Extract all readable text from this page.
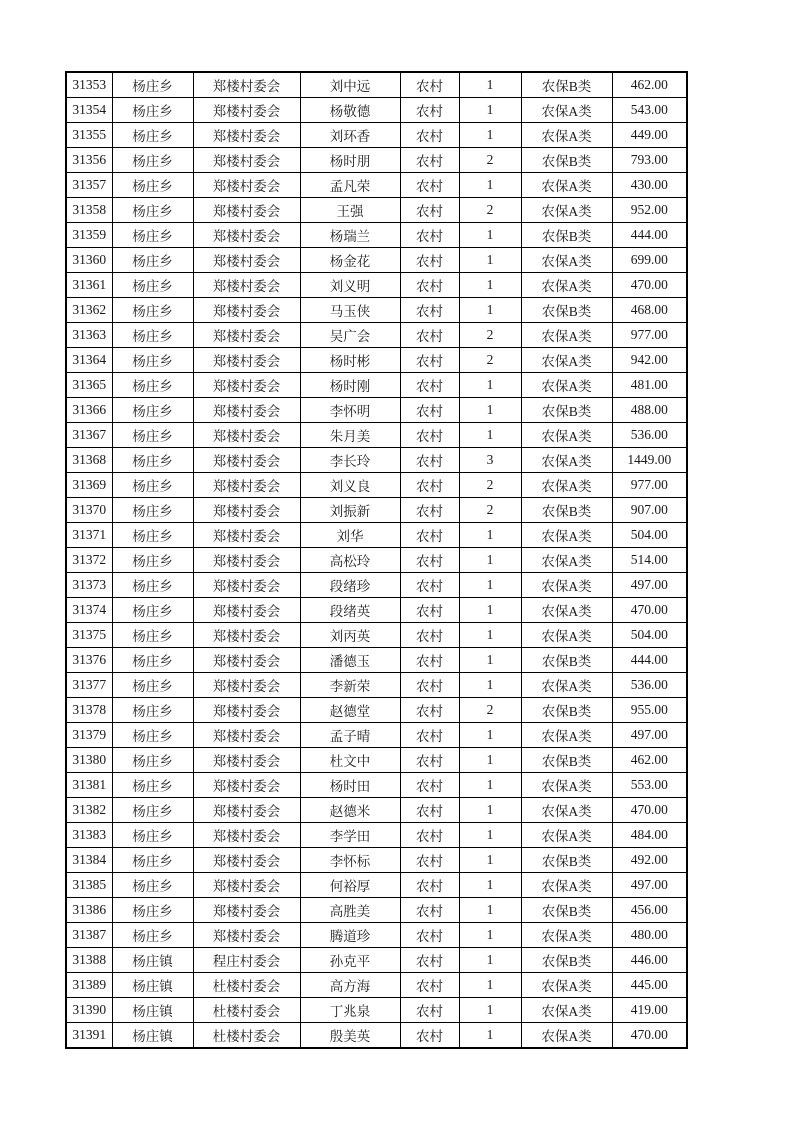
31353	杨庄乡	郑楼村委会	刘中远	农村	1	农保B类	462.00
31354	杨庄乡	郑楼村委会	杨敬德	农村	1	农保A类	543.00
31355	杨庄乡	郑楼村委会	刘环香	农村	1	农保A类	449.00
31356	杨庄乡	郑楼村委会	杨时朋	农村	2	农保B类	793.00
31357	杨庄乡	郑楼村委会	孟凡荣	农村	1	农保A类	430.00
31358	杨庄乡	郑楼村委会	王强	农村	2	农保A类	952.00
31359	杨庄乡	郑楼村委会	杨瑞兰	农村	1	农保B类	444.00
31360	杨庄乡	郑楼村委会	杨金花	农村	1	农保A类	699.00
31361	杨庄乡	郑楼村委会	刘义明	农村	1	农保A类	470.00
31362	杨庄乡	郑楼村委会	马玉侠	农村	1	农保B类	468.00
31363	杨庄乡	郑楼村委会	吴广会	农村	2	农保A类	977.00
31364	杨庄乡	郑楼村委会	杨时彬	农村	2	农保A类	942.00
31365	杨庄乡	郑楼村委会	杨时刚	农村	1	农保A类	481.00
31366	杨庄乡	郑楼村委会	李怀明	农村	1	农保B类	488.00
31367	杨庄乡	郑楼村委会	朱月美	农村	1	农保A类	536.00
31368	杨庄乡	郑楼村委会	李长玲	农村	3	农保A类	1449.00
31369	杨庄乡	郑楼村委会	刘义良	农村	2	农保A类	977.00
31370	杨庄乡	郑楼村委会	刘振新	农村	2	农保B类	907.00
31371	杨庄乡	郑楼村委会	刘华	农村	1	农保A类	504.00
31372	杨庄乡	郑楼村委会	高松玲	农村	1	农保A类	514.00
31373	杨庄乡	郑楼村委会	段绪珍	农村	1	农保A类	497.00
31374	杨庄乡	郑楼村委会	段绪英	农村	1	农保A类	470.00
31375	杨庄乡	郑楼村委会	刘丙英	农村	1	农保A类	504.00
31376	杨庄乡	郑楼村委会	潘德玉	农村	1	农保B类	444.00
31377	杨庄乡	郑楼村委会	李新荣	农村	1	农保A类	536.00
31378	杨庄乡	郑楼村委会	赵德堂	农村	2	农保B类	955.00
31379	杨庄乡	郑楼村委会	孟子晴	农村	1	农保A类	497.00
31380	杨庄乡	郑楼村委会	杜文中	农村	1	农保B类	462.00
31381	杨庄乡	郑楼村委会	杨时田	农村	1	农保A类	553.00
31382	杨庄乡	郑楼村委会	赵德米	农村	1	农保A类	470.00
31383	杨庄乡	郑楼村委会	李学田	农村	1	农保A类	484.00
31384	杨庄乡	郑楼村委会	李怀标	农村	1	农保B类	492.00
31385	杨庄乡	郑楼村委会	何裕厚	农村	1	农保A类	497.00
31386	杨庄乡	郑楼村委会	高胜美	农村	1	农保B类	456.00
31387	杨庄乡	郑楼村委会	腾道珍	农村	1	农保A类	480.00
31388	杨庄镇	程庄村委会	孙克平	农村	1	农保B类	446.00
31389	杨庄镇	杜楼村委会	高方海	农村	1	农保A类	445.00
31390	杨庄镇	杜楼村委会	丁兆泉	农村	1	农保A类	419.00
31391	杨庄镇	杜楼村委会	殷美英	农村	1	农保A类	470.00
